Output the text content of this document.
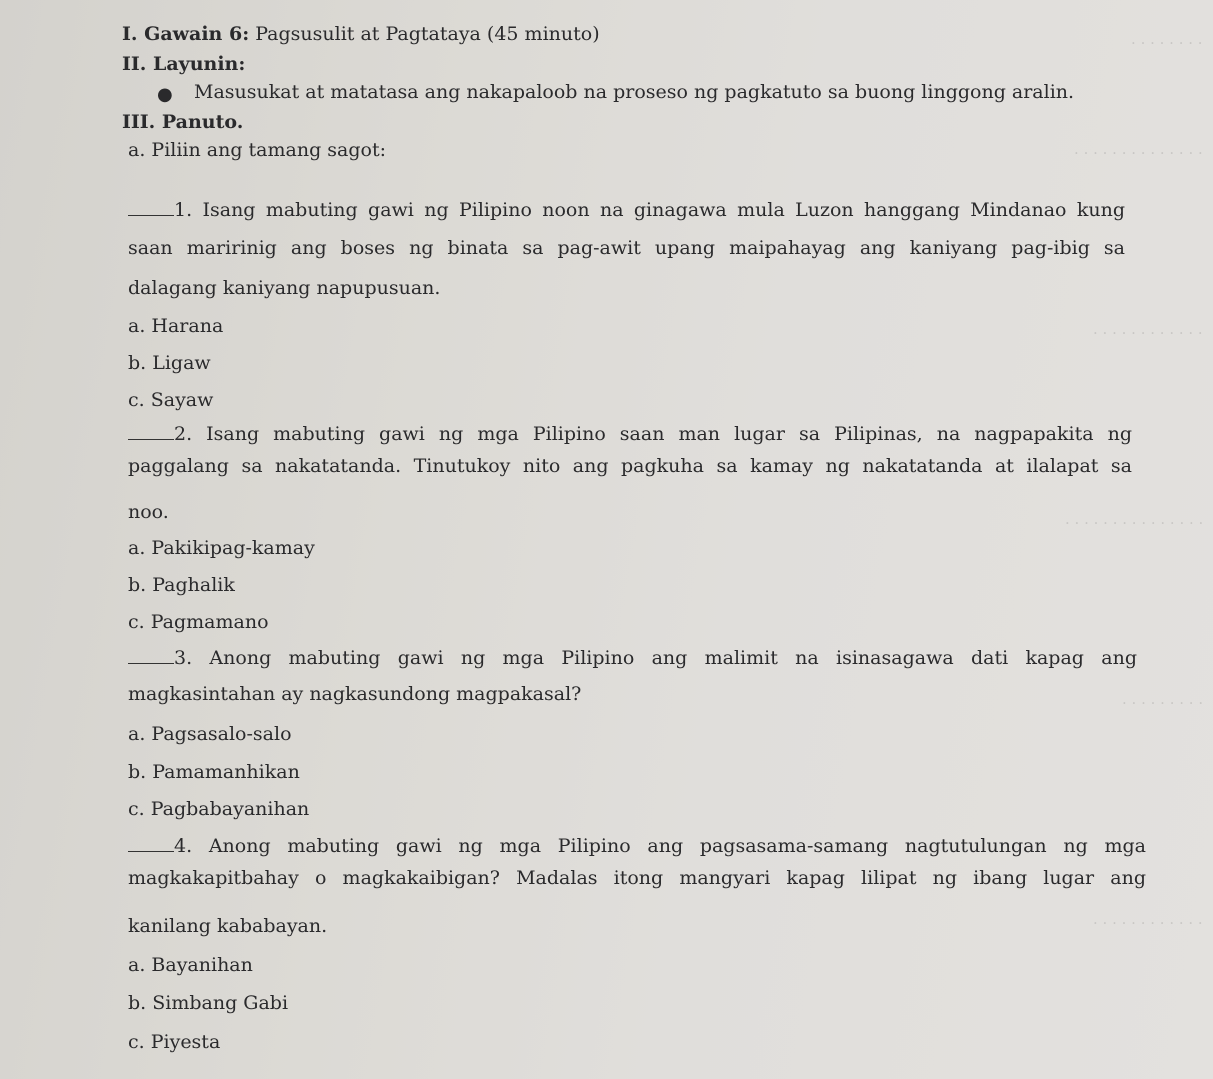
. . . . . . . .
. . . . . . . . . . . . . .
. . . . . . . . . . . .
. . . . . . . . . . . . . . .
. . . . . . . . .
. . . . . . . . . . . .
I. Gawain 6: Pagsusulit at Pagtataya (45 minuto)
II. Layunin:
● Masusukat at matatasa ang nakapaloob na proseso ng pagkatuto sa buong linggong aralin.
III. Panuto.
a. Piliin ang tamang sagot:
1. Isang mabuting gawi ng Pilipino noon na ginagawa mula Luzon hanggang Mindanao kung
saan maririnig ang boses ng binata sa pag-awit upang maipahayag ang kaniyang pag-ibig sa
dalagang kaniyang napupusuan.
a. Harana
b. Ligaw
c. Sayaw
2. Isang mabuting gawi ng mga Pilipino saan man lugar sa Pilipinas, na nagpapakita ng
paggalang sa nakatatanda. Tinutukoy nito ang pagkuha sa kamay ng nakatatanda at ilalapat sa
noo.
a. Pakikipag-kamay
b. Paghalik
c. Pagmamano
3. Anong mabuting gawi ng mga Pilipino ang malimit na isinasagawa dati kapag ang
magkasintahan ay nagkasundong magpakasal?
a. Pagsasalo-salo
b. Pamamanhikan
c. Pagbabayanihan
4. Anong mabuting gawi ng mga Pilipino ang pagsasama-samang nagtutulungan ng mga
magkakapitbahay o magkakaibigan? Madalas itong mangyari kapag lilipat ng ibang lugar ang
kanilang kababayan.
a. Bayanihan
b. Simbang Gabi
c. Piyesta
